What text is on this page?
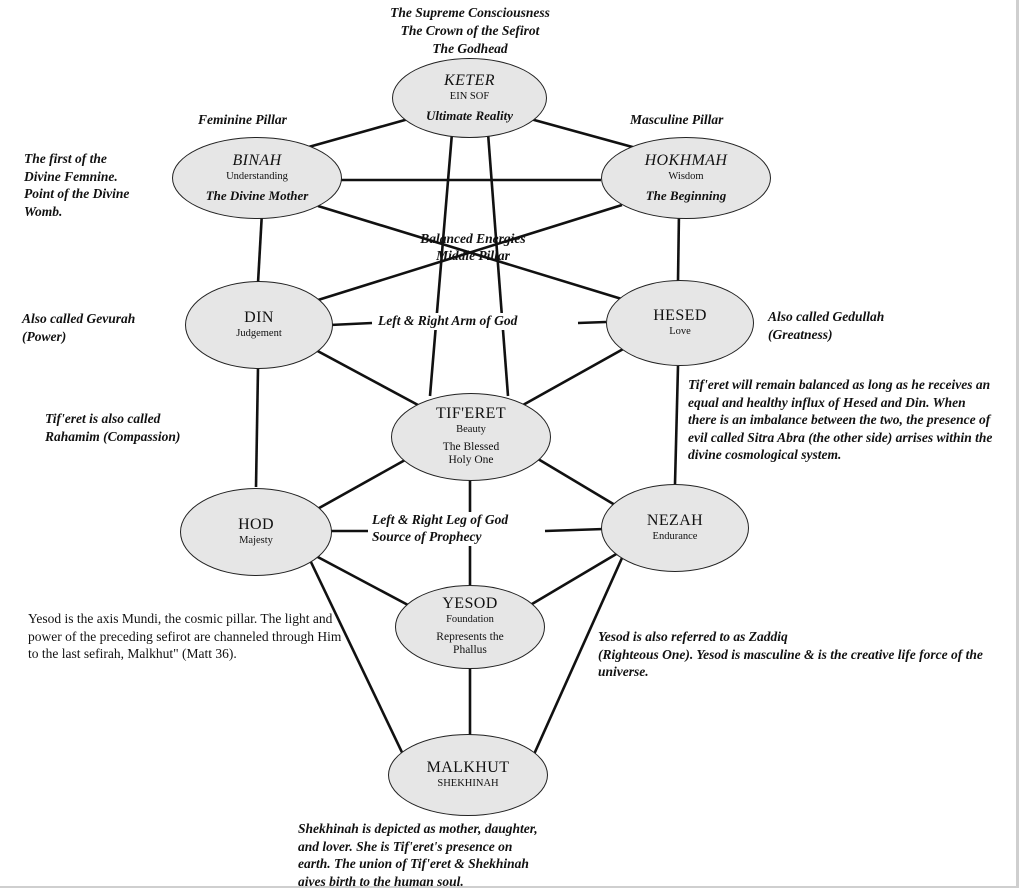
The Supreme Consciousness
The Crown of the Sefirot
The Godhead
KETER
EIN SOF
Ultimate Reality
BINAH
Understanding
The Divine Mother
HOKHMAH
Wisdom
The Beginning
DIN
Judgement
HESED
Love
TIF'ERET
Beauty
The Blessed
Holy One
HOD
Majesty
NEZAH
Endurance
YESOD
Foundation
Represents the
Phallus
MALKHUT
SHEKHINAH
Feminine Pillar	Masculine Pillar
Balanced Energies
Middle Pillar
Left & Right Arm of God
Left & Right Leg of God
Source of Prophecy
The first of the
Divine Femnine.
Point of the Divine
Womb.
Also called Gevurah
(Power)
Also called Gedullah
(Greatness)
Tif'eret is also called
Rahamim (Compassion)
Tif'eret will remain balanced as long as he receives an equal and healthy influx of Hesed and Din. When there is an imbalance between the two, the presence of evil called Sitra Abra (the other side) arrises within the divine cosmological system.
Yesod is the axis Mundi, the cosmic pillar. The light and power of the preceding sefirot are channeled through Him to the last sefirah, Malkhut" (Matt 36).
Yesod is also referred to as Zaddiq
(Righteous One). Yesod is masculine & is the creative life force of the universe.
Shekhinah is depicted as mother, daughter,
and lover. She is Tif'eret's presence on
earth. The union of Tif'eret & Shekhinah
gives birth to the human soul.
